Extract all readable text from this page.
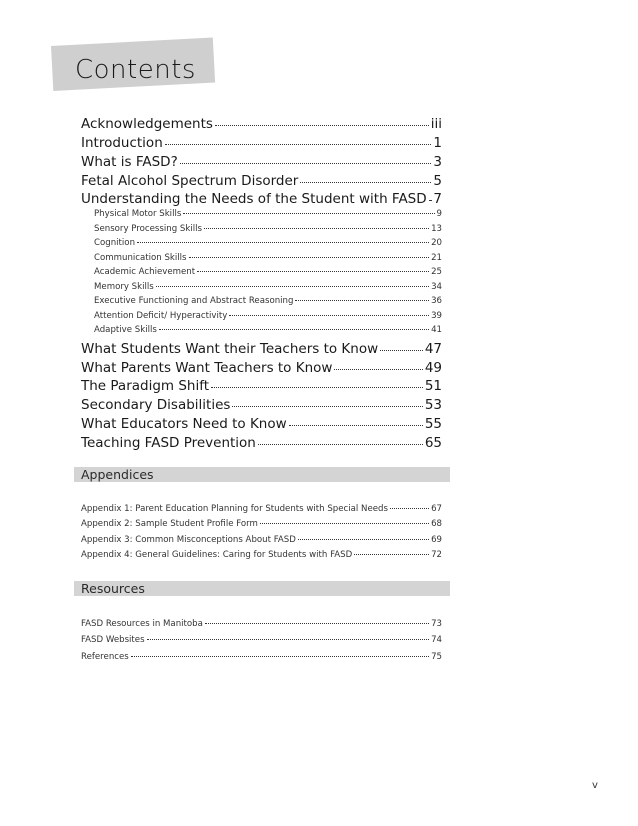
Contents
Acknowledgements	iii
Introduction	1
What is FASD?	3
Fetal Alcohol Spectrum Disorder	5
Understanding the Needs of the Student with FASD 7
Physical Motor Skills	9
Sensory Processing Skills	13
Cognition	20
Communication Skills	21
Academic Achievement	25
Memory Skills	34
Executive Functioning and Abstract Reasoning	36
Attention Deficit/ Hyperactivity	39
Adaptive Skills	41
What Students Want their Teachers to Know	47
What Parents Want Teachers to Know	49
The Paradigm Shift	51
Secondary Disabilities	53
What Educators Need to Know	55
Teaching FASD Prevention	65
Appendices
Appendix 1: Parent Education Planning for Students with Special Needs	67
Appendix 2: Sample Student Profile Form	68
Appendix 3: Common Misconceptions About FASD	69
Appendix 4: General Guidelines: Caring for Students with FASD	72
Resources
FASD Resources in Manitoba	73
FASD Websites	74
References	75
v
